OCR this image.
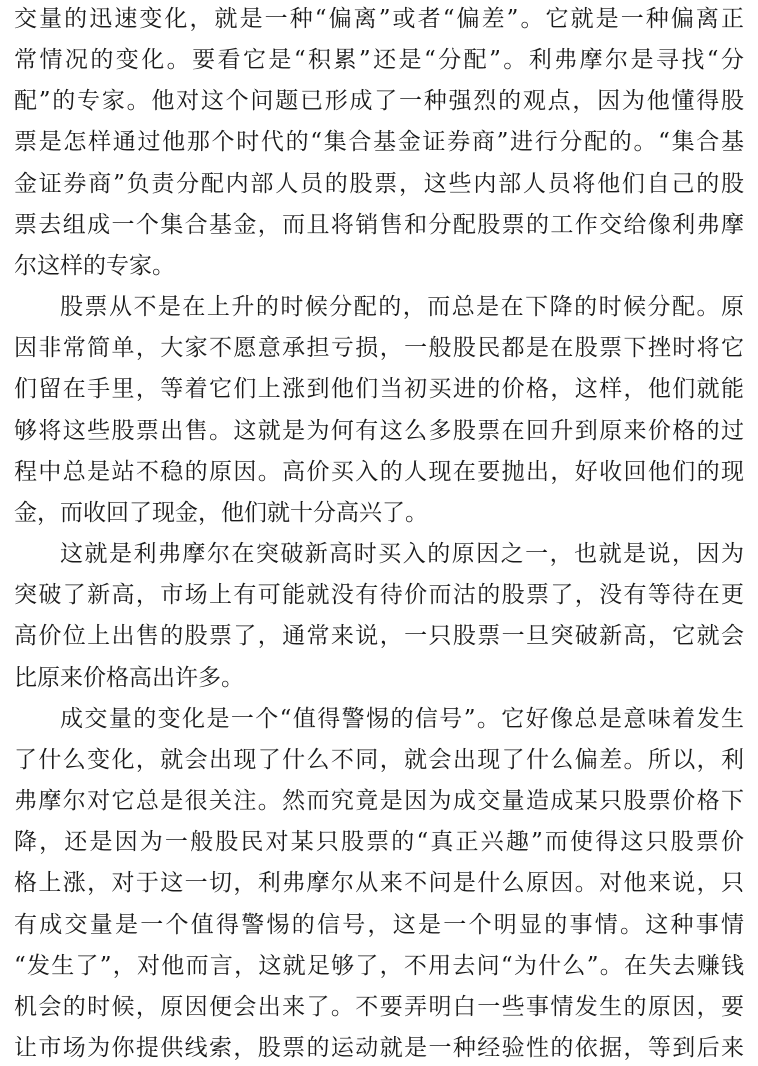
交量的迅速变化，就是一种“偏离”或者“偏差”。它就是一种偏离正
常情况的变化。要看它是“积累”还是“分配”。利弗摩尔是寻找“分
配”的专家。他对这个问题已形成了一种强烈的观点，因为他懂得股
票是怎样通过他那个时代的“集合基金证券商”进行分配的。“集合基
金证券商”负责分配内部人员的股票，这些内部人员将他们自己的股
票去组成一个集合基金，而且将销售和分配股票的工作交给像利弗摩
尔这样的专家。
股票从不是在上升的时候分配的，而总是在下降的时候分配。原
因非常简单，大家不愿意承担亏损，一般股民都是在股票下挫时将它
们留在手里，等着它们上涨到他们当初买进的价格，这样，他们就能
够将这些股票出售。这就是为何有这么多股票在回升到原来价格的过
程中总是站不稳的原因。高价买入的人现在要抛出，好收回他们的现
金，而收回了现金，他们就十分高兴了。
这就是利弗摩尔在突破新高时买入的原因之一，也就是说，因为
突破了新高，市场上有可能就没有待价而沽的股票了，没有等待在更
高价位上出售的股票了，通常来说，一只股票一旦突破新高，它就会
比原来价格高出许多。
成交量的变化是一个“值得警惕的信号”。它好像总是意味着发生
了什么变化，就会出现了什么不同，就会出现了什么偏差。所以，利
弗摩尔对它总是很关注。然而究竟是因为成交量造成某只股票价格下
降，还是因为一般股民对某只股票的“真正兴趣”而使得这只股票价
格上涨，对于这一切，利弗摩尔从来不问是什么原因。对他来说，只
有成交量是一个值得警惕的信号，这是一个明显的事情。这种事情
“发生了”，对他而言，这就足够了，不用去问“为什么”。在失去赚钱
机会的时候，原因便会出来了。不要弄明白一些事情发生的原因，要
让市场为你提供线索，股票的运动就是一种经验性的依据，等到后来
